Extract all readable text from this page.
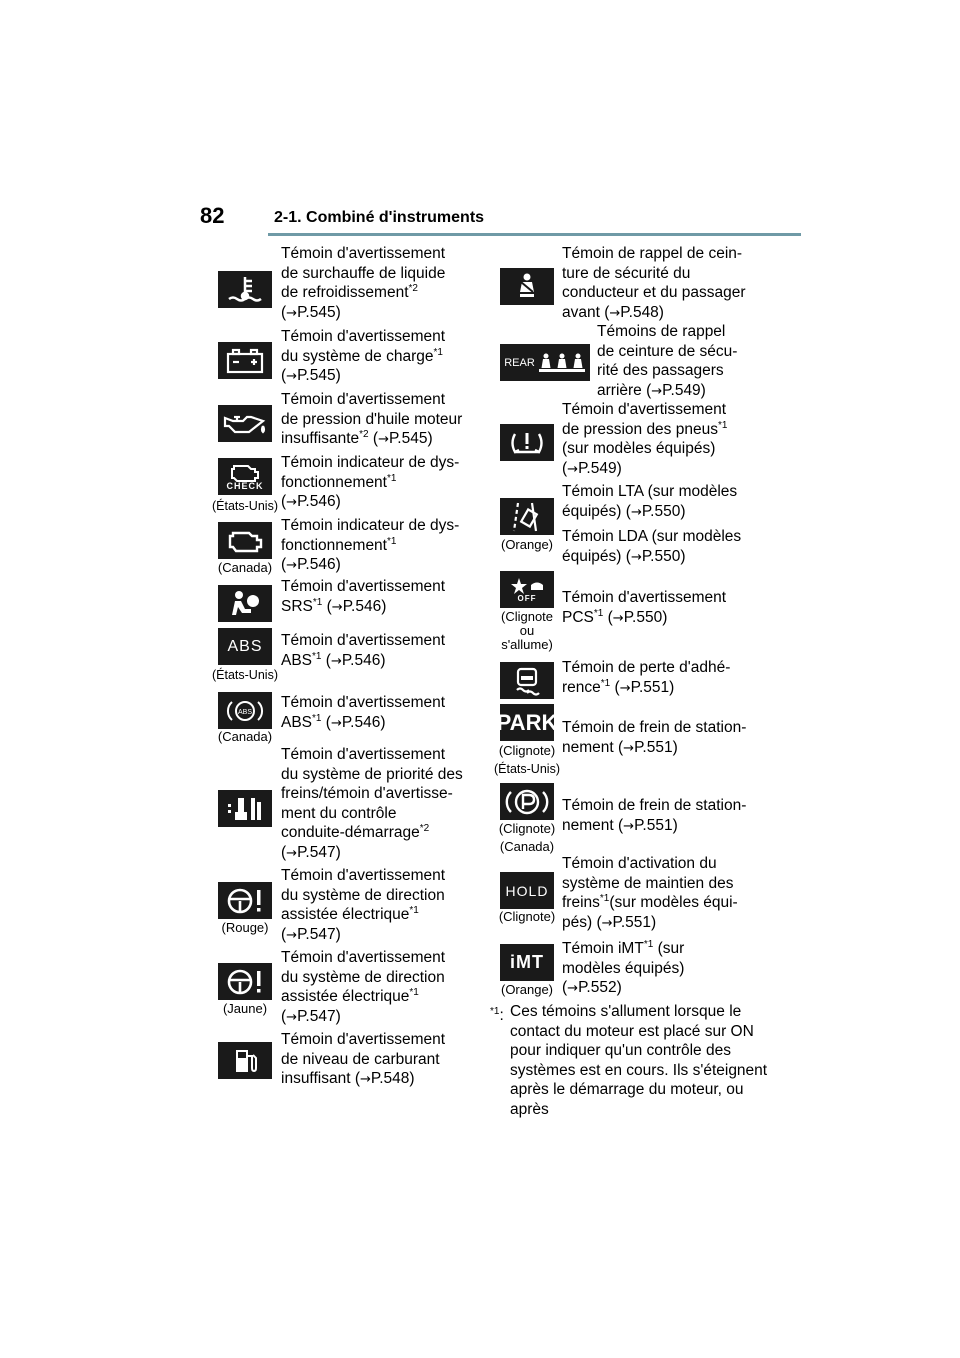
82	2-1. Combiné d'instruments
Témoin d'avertissement
de surchauffe de liquide
de refroidissement$^{*2}$
(→P.545)
Témoin d'avertissement
du système de charge$^{*1}$
(→P.545)
Témoin d'avertissement
de pression d'huile moteur
insuffisante$^{*2}$ (→P.545)
CHECK
(États-Unis)
Témoin indicateur de dys-
fonctionnement$^{*1}$
(→P.546)
(Canada)
Témoin indicateur de dys-
fonctionnement$^{*1}$
(→P.546)
Témoin d'avertissement
SRS$^{*1}$ (→P.546)
ABS
(États-Unis)
Témoin d'avertissement
ABS$^{*1}$ (→P.546)
ABS
(Canada)
Témoin d'avertissement
ABS$^{*1}$ (→P.546)
Témoin d'avertissement
du système de priorité des
freins/témoin d'avertisse-
ment du contrôle
conduite-démarrage$^{*2}$
(→P.547)
(Rouge)
Témoin d'avertissement
du système de direction
assistée électrique$^{*1}$
(→P.547)
(Jaune)
Témoin d'avertissement
du système de direction
assistée électrique$^{*1}$
(→P.547)
Témoin d'avertissement
de niveau de carburant
insuffisant (→P.548)
Témoin de rappel de cein-
ture de sécurité du
conducteur et du passager
avant (→P.548)
REAR
Témoins de rappel
de ceinture de sécu-
rité des passagers
arrière (→P.549)
Témoin d'avertissement
de pression des pneus$^{*1}$
(sur modèles équipés)
(→P.549)
(Orange)
Témoin LTA (sur modèles
équipés) (→P.550)
Témoin LDA (sur modèles
équipés) (→P.550)
OFF
(Clignote
ou
s'allume)
Témoin d'avertissement
PCS$^{*1}$ (→P.550)
Témoin de perte d'adhé-
rence$^{*1}$ (→P.551)
PARK
(Clignote)
(États-Unis)
Témoin de frein de station-
nement (→P.551)
(Clignote)
(Canada)
Témoin de frein de station-
nement (→P.551)
HOLD
(Clignote)
Témoin d'activation du
système de maintien des
freins$^{*1}$(sur modèles équi-
pés) (→P.551)
iMT
(Orange)
Témoin iMT$^{*1}$ (sur
modèles équipés)
(→P.552)
$^{*1}$: Ces témoins s'allument lorsque le contact du moteur est placé sur ON pour indiquer qu'un contrôle des systèmes est en cours. Ils s'éteignent après le démarrage du moteur, ou après
